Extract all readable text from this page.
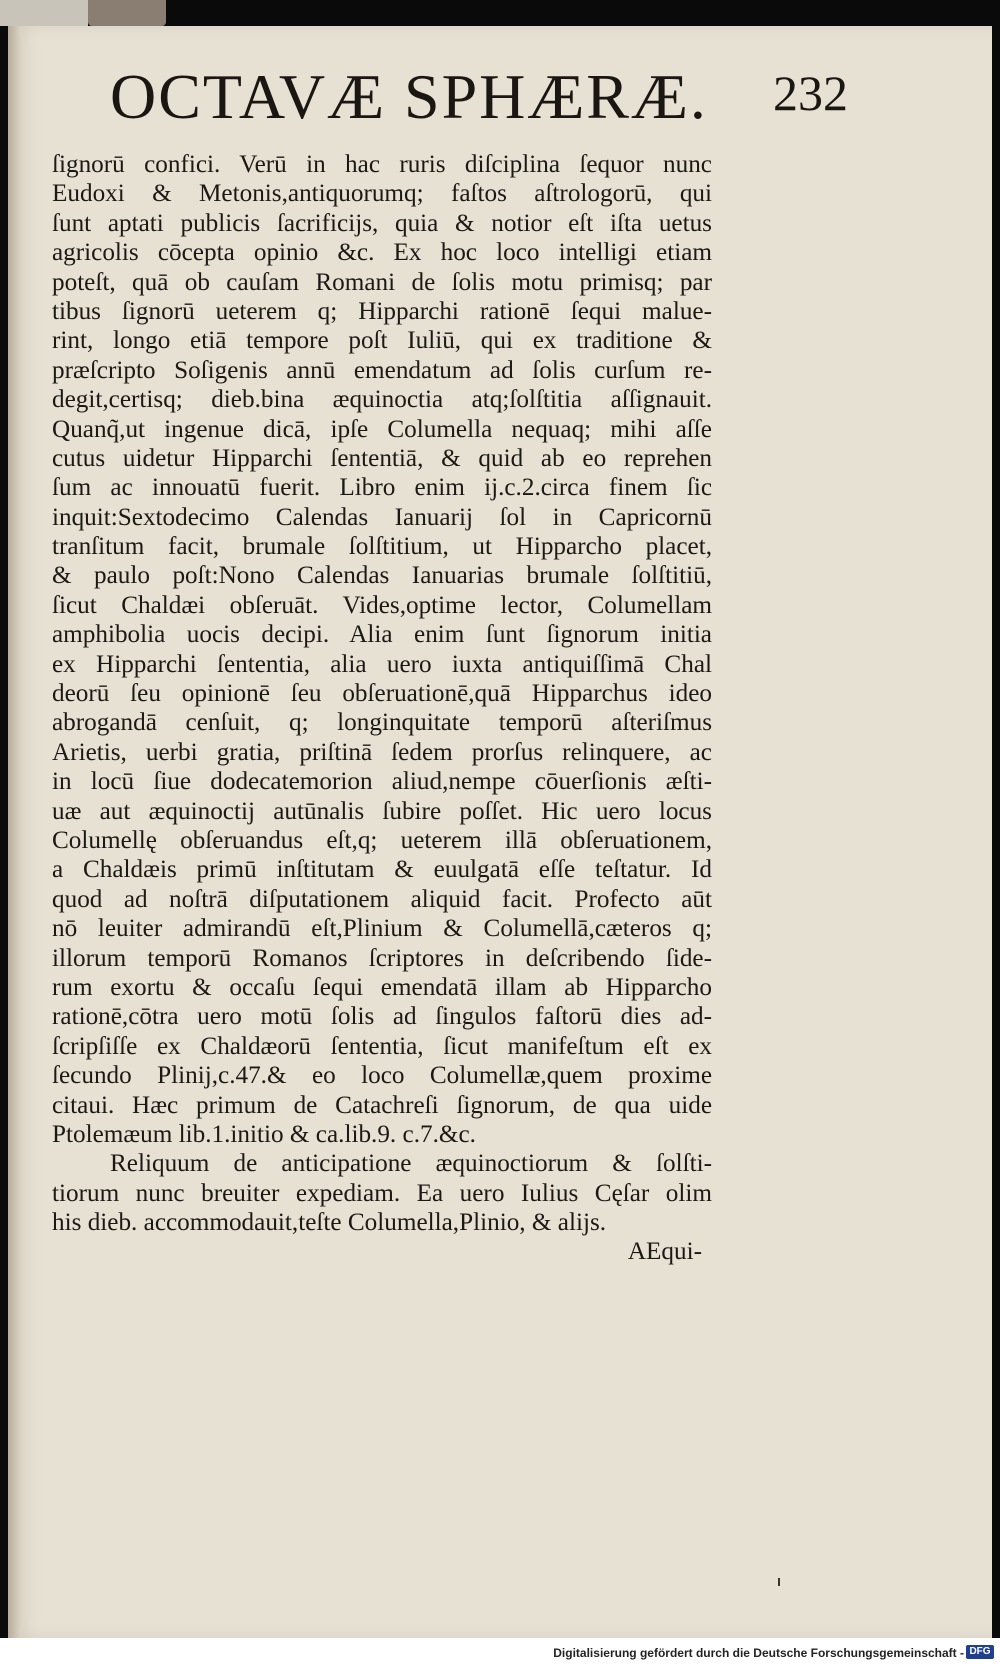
OCTAVÆ SPHÆRÆ. 232
ſignorū confici. Verū in hac ruris diſciplina ſequor nunc
Eudoxi & Metonis,antiquorumq; faſtos aſtrologorū, qui
ſunt aptati publicis ſacrificijs, quia & notior eſt iſta uetus
agricolis cōcepta opinio &c. Ex hoc loco intelligi etiam
poteſt, quā ob cauſam Romani de ſolis motu primisq; par
tibus ſignorū ueterem q; Hipparchi rationē ſequi malue-
rint, longo etiā tempore poſt Iuliū, qui ex traditione &
præſcripto Soſigenis annū emendatum ad ſolis curſum re-
degit,certisq; dieb.bina æquinoctia atq;ſolſtitia aſſignauit.
Quanq̃,ut ingenue dicā, ipſe Columella nequaq; mihi aſſe
cutus uidetur Hipparchi ſententiā, & quid ab eo reprehen
ſum ac innouatū fuerit. Libro enim ij.c.2.circa finem ſic
inquit:Sextodecimo Calendas Ianuarij ſol in Capricornū
tranſitum facit, brumale ſolſtitium, ut Hipparcho placet,
& paulo poſt:Nono Calendas Ianuarias brumale ſolſtitiū,
ſicut Chaldæi obſeruāt. Vides,optime lector, Columellam
amphibolia uocis decipi. Alia enim ſunt ſignorum initia
ex Hipparchi ſententia, alia uero iuxta antiquiſſimā Chal
deorū ſeu opinionē ſeu obſeruationē,quā Hipparchus ideo
abrogandā cenſuit, q; longinquitate temporū aſteriſmus
Arietis, uerbi gratia, priſtinā ſedem prorſus relinquere, ac
in locū ſiue dodecatemorion aliud,nempe cōuerſionis æſti-
uæ aut æquinoctij autūnalis ſubire poſſet. Hic uero locus
Columellę obſeruandus eſt,q; ueterem illā obſeruationem,
a Chaldæis primū inſtitutam & euulgatā eſſe teſtatur. Id
quod ad noſtrā diſputationem aliquid facit. Profecto aūt
nō leuiter admirandū eſt,Plinium & Columellā,cæteros q;
illorum temporū Romanos ſcriptores in deſcribendo ſide-
rum exortu & occaſu ſequi emendatā illam ab Hipparcho
rationē,cōtra uero motū ſolis ad ſingulos faſtorū dies ad-
ſcripſiſſe ex Chaldæorū ſententia, ſicut manifeſtum eſt ex
ſecundo Plinij,c.47.& eo loco Columellæ,quem proxime
citaui. Hæc primum de Catachreſi ſignorum, de qua uide
Ptolemæum lib.1.initio & ca.lib.9. c.7.&c.
Reliquum de anticipatione æquinoctiorum & ſolſti-
tiorum nunc breuiter expediam. Ea uero Iulius Cęſar olim
his dieb. accommodauit,teſte Columella,Plinio, & alijs.
AEqui-
Digitalisierung gefördert durch die Deutsche Forschungsgemeinschaft - DFG
